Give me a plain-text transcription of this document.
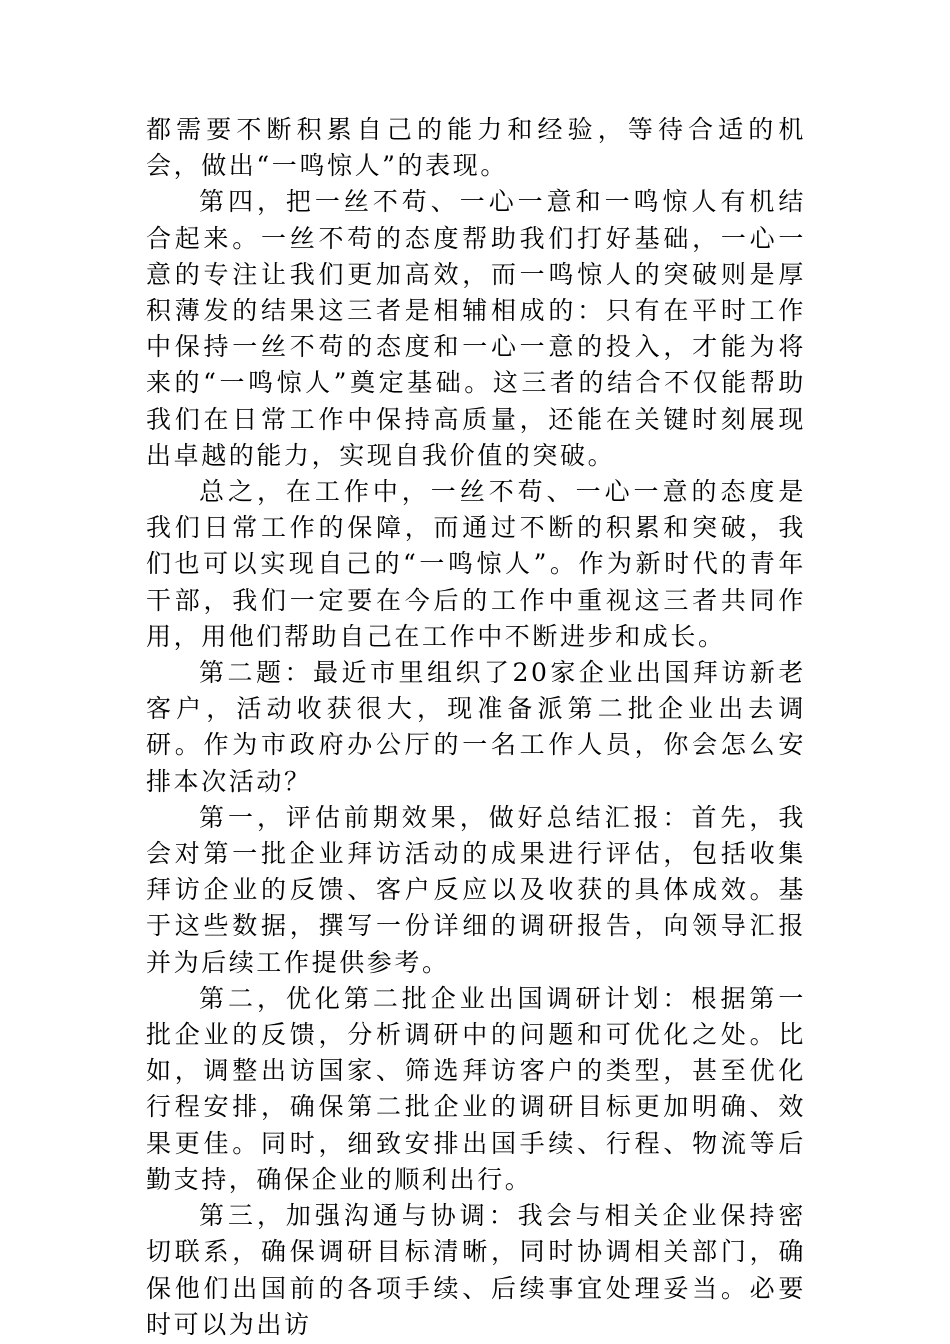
都需要不断积累自己的能力和经验，等待合适的机会，做出“一鸣惊人”的表现。

第四，把一丝不苟、一心一意和一鸣惊人有机结合起来。一丝不苟的态度帮助我们打好基础，一心一意的专注让我们更加高效，而一鸣惊人的突破则是厚积薄发的结果这三者是相辅相成的：只有在平时工作中保持一丝不苟的态度和一心一意的投入，才能为将来的“一鸣惊人”奠定基础。这三者的结合不仅能帮助我们在日常工作中保持高质量，还能在关键时刻展现出卓越的能力，实现自我价值的突破。

总之，在工作中，一丝不苟、一心一意的态度是我们日常工作的保障，而通过不断的积累和突破，我们也可以实现自己的“一鸣惊人”。作为新时代的青年干部，我们一定要在今后的工作中重视这三者共同作用，用他们帮助自己在工作中不断进步和成长。

第二题：最近市里组织了20家企业出国拜访新老客户，活动收获很大，现准备派第二批企业出去调研。作为市政府办公厅的一名工作人员，你会怎么安排本次活动？

第一，评估前期效果，做好总结汇报：首先，我会对第一批企业拜访活动的成果进行评估，包括收集拜访企业的反馈、客户反应以及收获的具体成效。基于这些数据，撰写一份详细的调研报告，向领导汇报并为后续工作提供参考。

第二，优化第二批企业出国调研计划：根据第一批企业的反馈，分析调研中的问题和可优化之处。比如，调整出访国家、筛选拜访客户的类型，甚至优化行程安排，确保第二批企业的调研目标更加明确、效果更佳。同时，细致安排出国手续、行程、物流等后勤支持，确保企业的顺利出行。

第三，加强沟通与协调：我会与相关企业保持密切联系，确保调研目标清晰，同时协调相关部门，确保他们出国前的各项手续、后续事宜处理妥当。必要时可以为出访
